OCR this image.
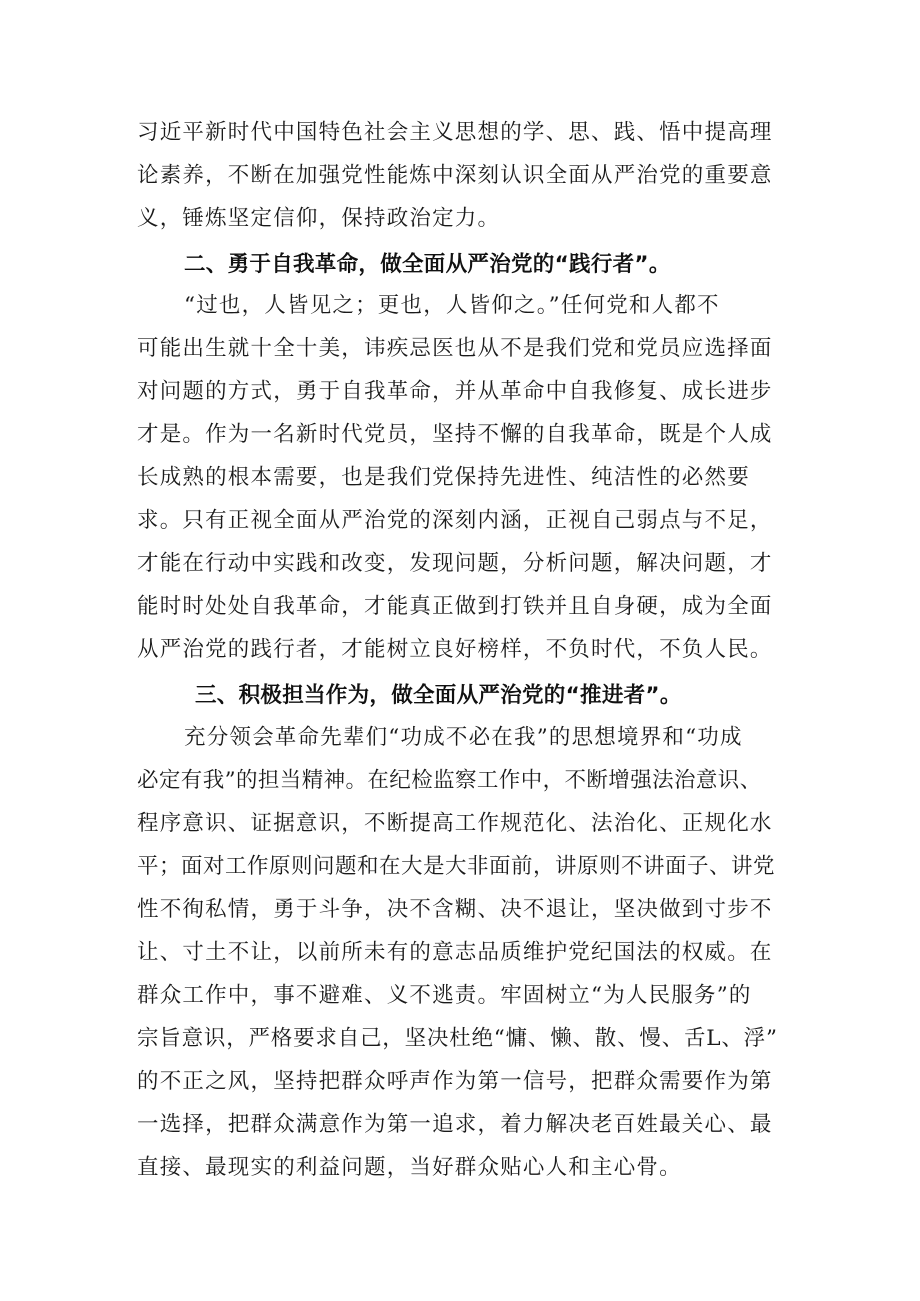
习近平新时代中国特色社会主义思想的学、思、践、悟中提高理
论素养，不断在加强党性能炼中深刻认识全面从严治党的重要意
义，锤炼坚定信仰，保持政治定力。
二、勇于自我革命，做全面从严治党的“践行者”。
“过也，人皆见之；更也，人皆仰之。”任何党和人都不
可能出生就十全十美，讳疾忌医也从不是我们党和党员应选择面
对问题的方式，勇于自我革命，并从革命中自我修复、成长进步
才是。作为一名新时代党员，坚持不懈的自我革命，既是个人成
长成熟的根本需要，也是我们党保持先进性、纯洁性的必然要
求。只有正视全面从严治党的深刻内涵，正视自己弱点与不足，
才能在行动中实践和改变，发现问题，分析问题，解决问题，才
能时时处处自我革命，才能真正做到打铁并且自身硬，成为全面
从严治党的践行者，才能树立良好榜样，不负时代，不负人民。
三、积极担当作为，做全面从严治党的“推进者”。
充分领会革命先辈们“功成不必在我”的思想境界和“功成
必定有我”的担当精神。在纪检监察工作中，不断增强法治意识、
程序意识、证据意识，不断提高工作规范化、法治化、正规化水
平；面对工作原则问题和在大是大非面前，讲原则不讲面子、讲党
性不徇私情，勇于斗争，决不含糊、决不退让，坚决做到寸步不
让、寸土不让，以前所未有的意志品质维护党纪国法的权威。在
群众工作中，事不避难、义不逃责。牢固树立“为人民服务”的
宗旨意识，严格要求自己，坚决杜绝“慵、懒、散、慢、舌L、浮”
的不正之风，坚持把群众呼声作为第一信号，把群众需要作为第
一选择，把群众满意作为第一追求，着力解决老百姓最关心、最
直接、最现实的利益问题，当好群众贴心人和主心骨。
